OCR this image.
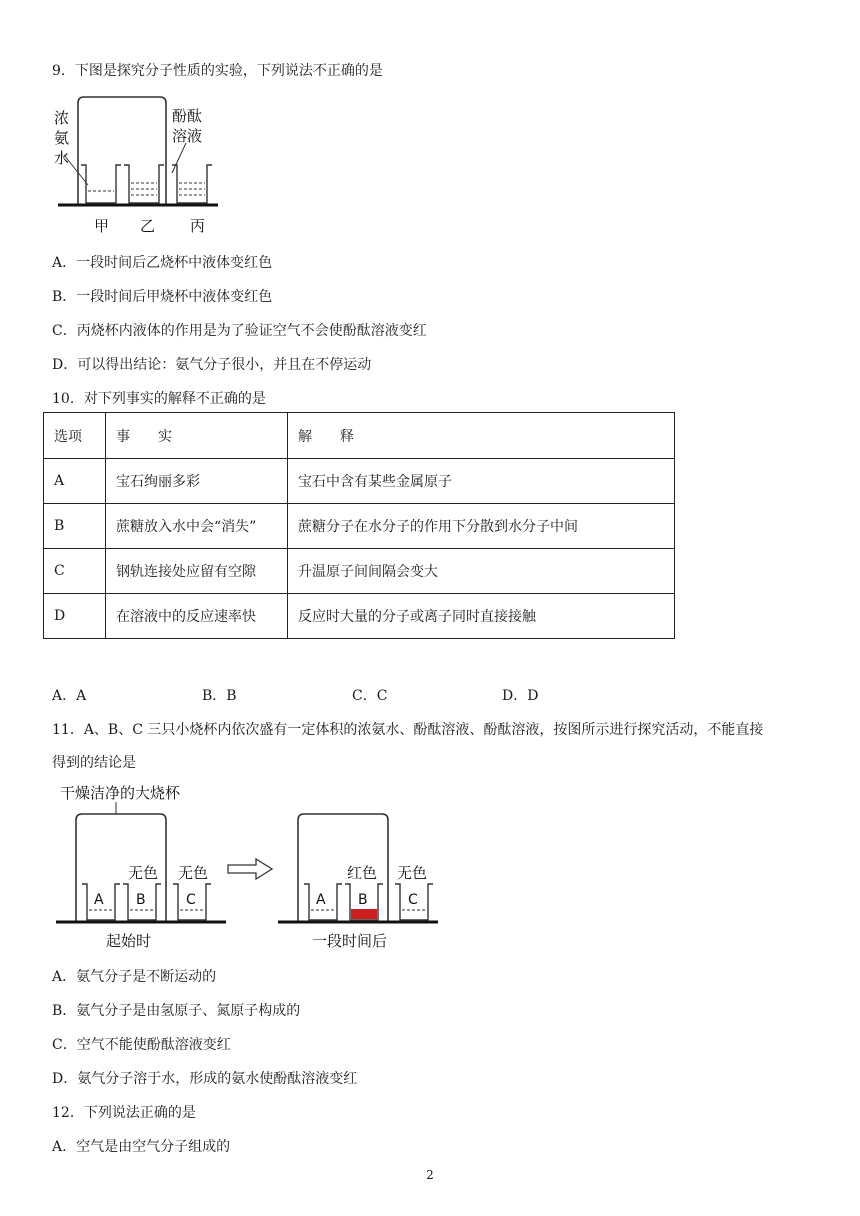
9．下图是探究分子性质的实验，下列说法不正确的是
浓
氨
水
酚酞
溶液
甲 乙 丙
A．一段时间后乙烧杯中液体变红色
B．一段时间后甲烧杯中液体变红色
C．丙烧杯内液体的作用是为了验证空气不会使酚酞溶液变红
D．可以得出结论：氨气分子很小，并且在不停运动
10．对下列事实的解释不正确的是
选项	事　　实	解　　释
A	宝石绚丽多彩	宝石中含有某些金属原子
B	蔗糖放入水中会“消失”	蔗糖分子在水分子的作用下分散到水分子中间
C	钢轨连接处应留有空隙	升温原子间间隔会变大
D	在溶液中的反应速率快	反应时大量的分子或离子同时直接接触
A．A	B．B	C．C	D．D
11．A、B、C 三只小烧杯内依次盛有一定体积的浓氨水、酚酞溶液、酚酞溶液，按图所示进行探究活动，不能直接
得到的结论是
干燥洁净的大烧杯
A B
无色
C
无色
A B
红色
C
无色
起始时	一段时间后
A．氨气分子是不断运动的
B．氨气分子是由氢原子、氮原子构成的
C．空气不能使酚酞溶液变红
D．氨气分子溶于水，形成的氨水使酚酞溶液变红
12．下列说法正确的是
A．空气是由空气分子组成的
2
